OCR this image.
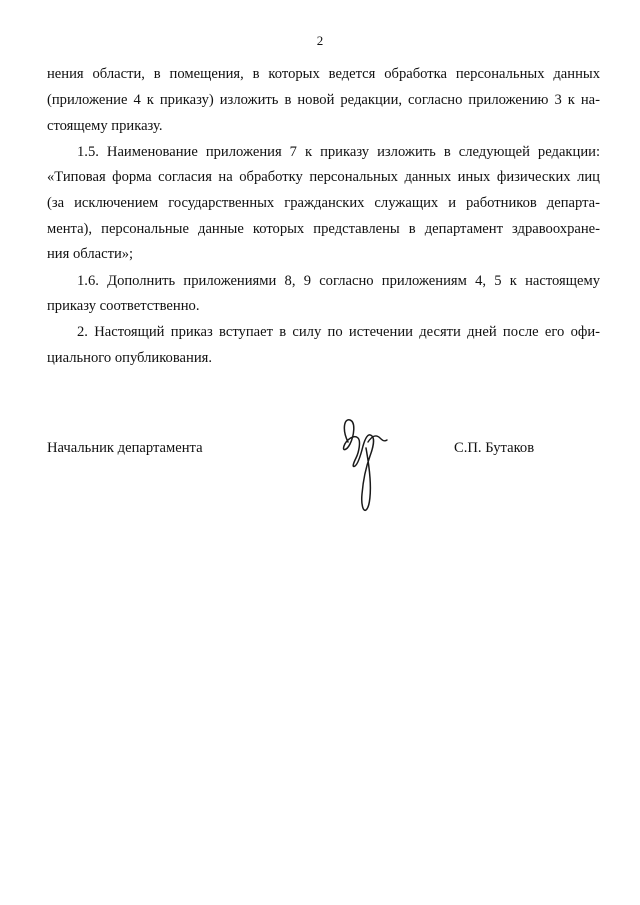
2
нения области, в помещения, в которых ведется обработка персональных данных
(приложение 4 к приказу) изложить в новой редакции, согласно приложению 3 к на-
стоящему приказу.
1.5. Наименование приложения 7 к приказу изложить в следующей редакции:
«Типовая форма согласия на обработку персональных данных иных физических лиц
(за исключением государственных гражданских служащих и работников департа-
мента), персональные данные которых представлены в департамент здравоохране-
ния области»;
1.6. Дополнить приложениями 8, 9 согласно приложениям 4, 5 к настоящему
приказу соответственно.
2. Настоящий приказ вступает в силу по истечении десяти дней после его офи-
циального опубликования.
Начальник департамента	С.П. Бутаков
